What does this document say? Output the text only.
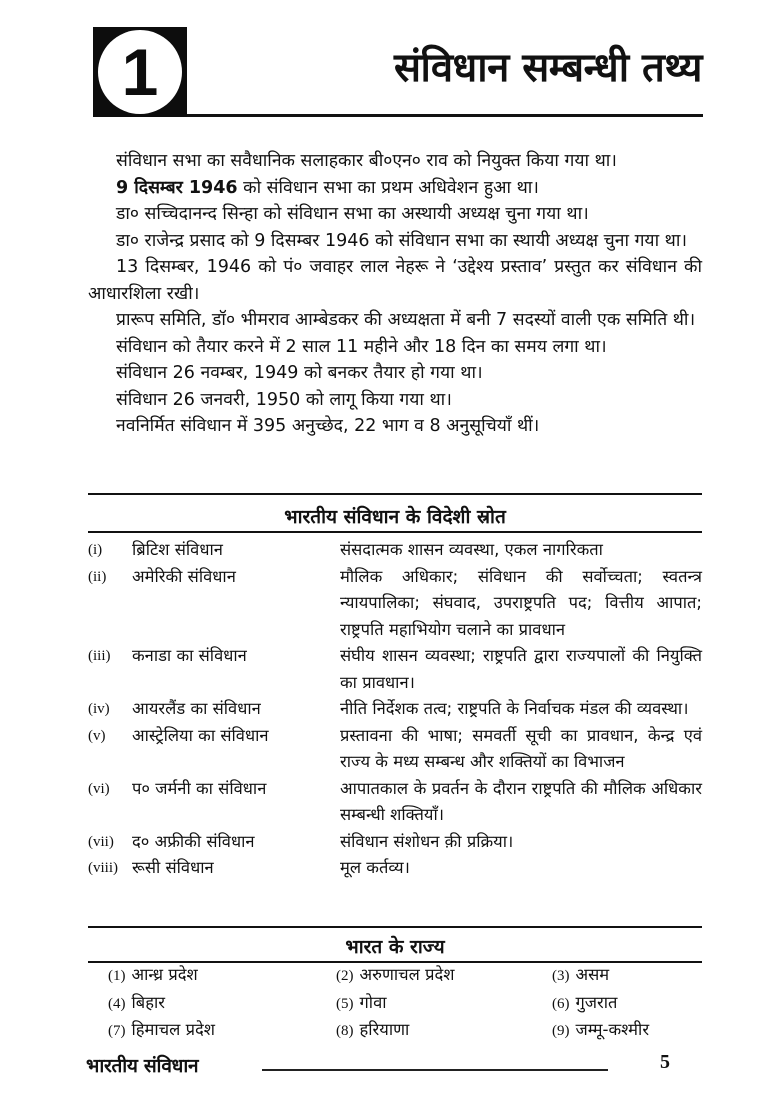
1	संविधान सम्बन्धी तथ्य

संविधान सभा का सवैधानिक सलाहकार बी०एन० राव को नियुक्त किया गया था।

9 दिसम्बर 1946 को संविधान सभा का प्रथम अधिवेशन हुआ था।

डा० सच्चिदानन्द सिन्हा को संविधान सभा का अस्थायी अध्यक्ष चुना गया था।

डा० राजेन्द्र प्रसाद को 9 दिसम्बर 1946 को संविधान सभा का स्थायी अध्यक्ष चुना गया था।

13 दिसम्बर, 1946 को पं० जवाहर लाल नेहरू ने ‘उद्देश्य प्रस्ताव’ प्रस्तुत कर संविधान की आधारशिला रखी।

प्रारूप समिति, डॉ० भीमराव आम्बेडकर की अध्यक्षता में बनी 7 सदस्यों वाली एक समिति थी।

संविधान को तैयार करने में 2 साल 11 महीने और 18 दिन का समय लगा था।

संविधान 26 नवम्बर, 1949 को बनकर तैयार हो गया था।

संविधान 26 जनवरी, 1950 को लागू किया गया था।

नवनिर्मित संविधान में 395 अनुच्छेद, 22 भाग व 8 अनुसूचियाँ थीं।

भारतीय संविधान के विदेशी स्रोत
(i)	ब्रिटिश संविधान	संसदात्मक शासन व्यवस्था, एकल नागरिकता
(ii)	अमेरिकी संविधान	मौलिक अधिकार; संविधान की सर्वोच्चता; स्वतन्त्र न्यायपालिका; संघवाद, उपराष्ट्रपति पद; वित्तीय आपात; राष्ट्रपति महाभियोग चलाने का प्रावधान
(iii)	कनाडा का संविधान	संघीय शासन व्यवस्था; राष्ट्रपति द्वारा राज्यपालों की नियुक्ति का प्रावधान।
(iv)	आयरलैंड का संविधान	नीति निर्देशक तत्व; राष्ट्रपति के निर्वाचक मंडल की व्यवस्था।
(v)	आस्ट्रेलिया का संविधान	प्रस्तावना की भाषा; समवर्ती सूची का प्रावधान, केन्द्र एवं राज्य के मध्य सम्बन्ध और शक्तियों का विभाजन
(vi)	प० जर्मनी का संविधान	आपातकाल के प्रवर्तन के दौरान राष्ट्रपति की मौलिक अधिकार सम्बन्धी शक्तियाँ।
(vii)	द० अफ्रीकी संविधान	संविधान संशोधन क़ी प्रक्रिया।
(viii) रूसी संविधान	मूल कर्तव्य।
भारत के राज्य
(1) आन्ध्र प्रदेश	(2) अरुणाचल प्रदेश	(3) असम
(4) बिहार	(5) गोवा	(6) गुजरात
(7) हिमाचल प्रदेश	(8) हरियाणा	(9) जम्मू-कश्मीर
भारतीय संविधान	5
